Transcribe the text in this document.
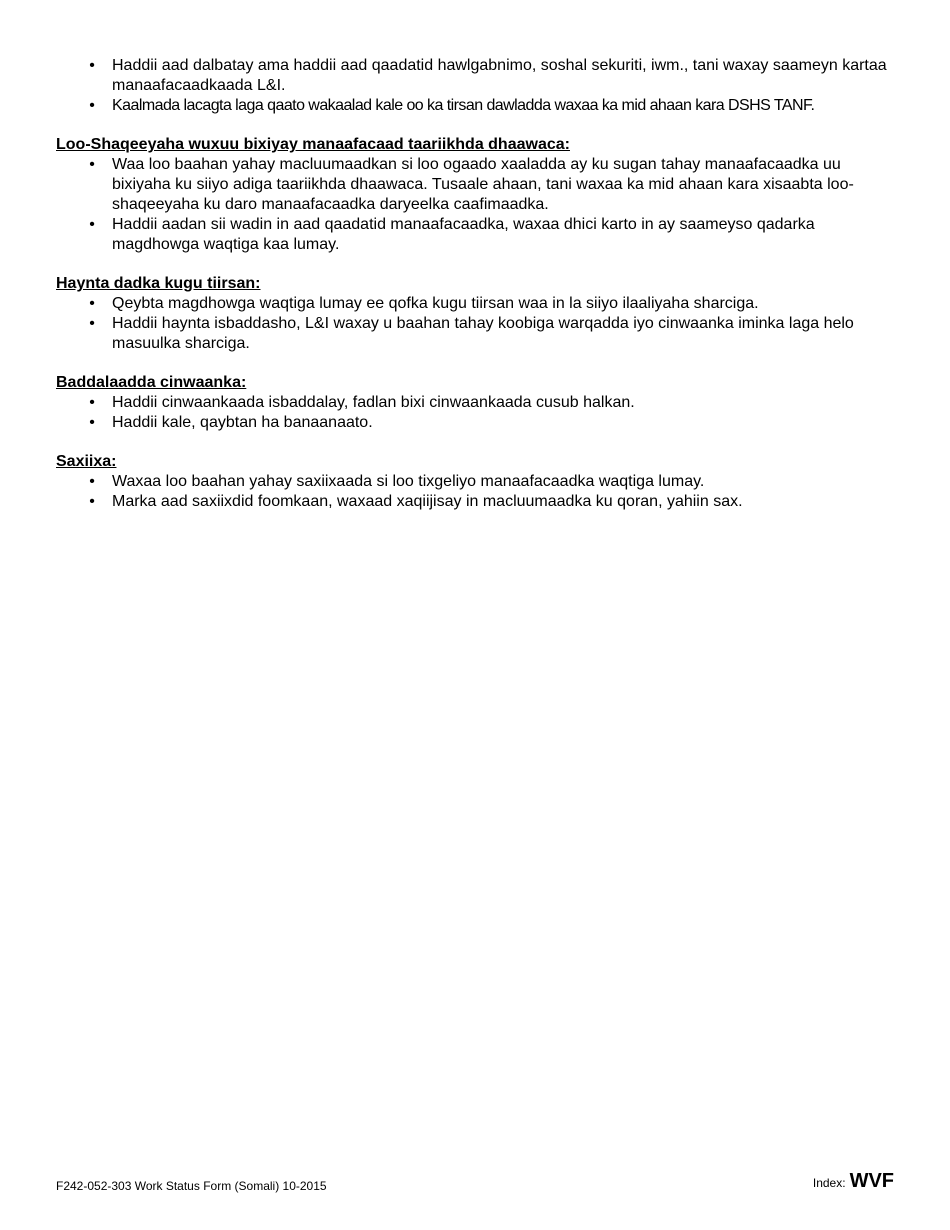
• Haddii aad dalbatay ama haddii aad qaadatid hawlgabnimo, soshal sekuriti, iwm., tani waxay saameyn kartaa manaafacaadkaada L&I.
• Kaalmada lacagta laga qaato wakaalad kale oo ka tirsan dawladda waxaa ka mid ahaan kara DSHS TANF.

Loo-Shaqeeyaha wuxuu bixiyay manaafacaad taariikhda dhaawaca:

• Waa loo baahan yahay macluumaadkan si loo ogaado xaaladda ay ku sugan tahay manaafacaadka uu bixiyaha ku siiyo adiga taariikhda dhaawaca. Tusaale ahaan, tani waxaa ka mid ahaan kara xisaabta loo-shaqeeyaha ku daro manaafacaadka daryeelka caafimaadka.
• Haddii aadan sii wadin in aad qaadatid manaafacaadka, waxaa dhici karto in ay saameyso qadarka magdhowga waqtiga kaa lumay.

Haynta dadka kugu tiirsan:

• Qeybta magdhowga waqtiga lumay ee qofka kugu tiirsan waa in la siiyo ilaaliyaha sharciga.
• Haddii haynta isbaddasho, L&I waxay u baahan tahay koobiga warqadda iyo cinwaanka iminka laga helo masuulka sharciga.

Baddalaadda cinwaanka:

• Haddii cinwaankaada isbaddalay, fadlan bixi cinwaankaada cusub halkan.
• Haddii kale, qaybtan ha banaanaato.

Saxiixa:

• Waxaa loo baahan yahay saxiixaada si loo tixgeliyo manaafacaadka waqtiga lumay.
• Marka aad saxiixdid foomkaan, waxaad xaqiijisay in macluumaadka ku qoran, yahiin sax.
F242-052-303 Work Status Form (Somali) 10-2015	Index: WVF
